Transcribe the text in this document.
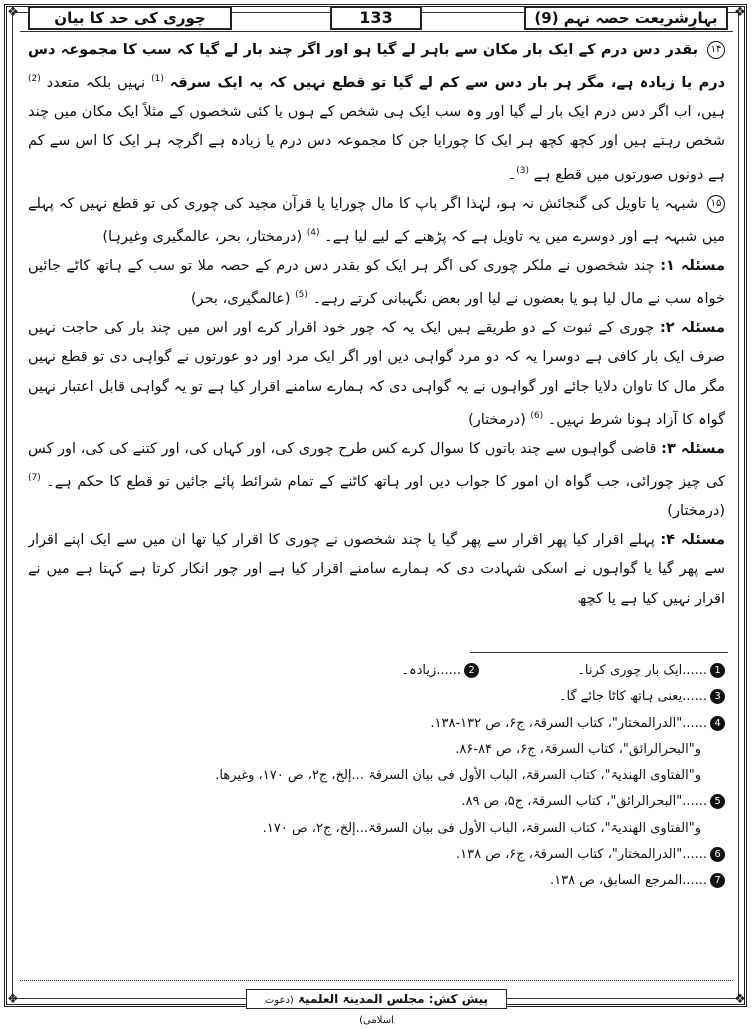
❖	❖
❖	❖
چوری کی حد کا بیان	133	بہارِشریعت حصہ نہم (9)

۱۴ بقدر دس درم کے ایک بار مکان سے باہر لے گیا ہو اور اگر چند بار لے گیا کہ سب کا مجموعہ دس درم یا زیادہ ہے، مگر ہر بار دس سے کم لے گیا تو قطع نہیں کہ یہ ایک سرقہ $^{(1)}$ نہیں بلکہ متعدد $^{(2)}$ ہیں، اب اگر دس درم ایک بار لے گیا اور وہ سب ایک ہی شخص کے ہوں یا کئی شخصوں کے مثلاً ایک مکان میں چند شخص رہتے ہیں اور کچھ کچھ ہر ایک کا چورایا جن کا مجموعہ دس درم یا زیادہ ہے اگرچہ ہر ایک کا اس سے کم ہے دونوں صورتوں میں قطع ہے $^{(3)}$۔

۱۵ شبہہ یا تاویل کی گنجائش نہ ہو، لہٰذا اگر باپ کا مال چورایا یا قرآن مجید کی چوری کی تو قطع نہیں کہ پہلے میں شبہہ ہے اور دوسرے میں یہ تاویل ہے کہ پڑھنے کے لیے لیا ہے۔ $^{(4)}$ (درمختار، بحر، عالمگیری وغیرہا)

مسئلہ ۱: چند شخصوں نے ملکر چوری کی اگر ہر ایک کو بقدر دس درم کے حصہ ملا تو سب کے ہاتھ کاٹے جائیں خواہ سب نے مال لیا ہو یا بعضوں نے لیا اور بعض نگہبانی کرتے رہے۔ $^{(5)}$ (عالمگیری، بحر)

مسئلہ ۲: چوری کے ثبوت کے دو طریقے ہیں ایک یہ کہ چور خود اقرار کرے اور اس میں چند بار کی حاجت نہیں صرف ایک بار کافی ہے دوسرا یہ کہ دو مرد گواہی دیں اور اگر ایک مرد اور دو عورتوں نے گواہی دی تو قطع نہیں مگر مال کا تاوان دلایا جائے اور گواہوں نے یہ گواہی دی کہ ہمارے سامنے اقرار کیا ہے تو یہ گواہی قابل اعتبار نہیں گواہ کا آزاد ہونا شرط نہیں۔ $^{(6)}$ (درمختار)

مسئلہ ۳: قاضی گواہوں سے چند باتوں کا سوال کرے کس طرح چوری کی، اور کہاں کی، اور کتنے کی کی، اور کس کی چیز چورائی، جب گواہ ان امور کا جواب دیں اور ہاتھ کاٹنے کے تمام شرائط پائے جائیں تو قطع کا حکم ہے۔ $^{(7)}$ (درمختار)

مسئلہ ۴: پہلے اقرار کیا پھر اقرار سے پھر گیا یا چند شخصوں نے چوری کا اقرار کیا تھا ان میں سے ایک اپنے اقرار سے پھر گیا یا گواہوں نے اسکی شہادت دی کہ ہمارے سامنے اقرار کیا ہے اور چور انکار کرتا ہے کہتا ہے میں نے اقرار نہیں کیا ہے یا کچھ

1......ایک بار چوری کرنا۔  2......زیادہ۔
3......یعنی ہاتھ کاٹا جائے گا۔
4......"الدرالمختار"، کتاب السرقۃ، ج۶، ص ۱۳۲-۱۳۸.
و"البحرالرائق"، کتاب السرقۃ، ج۶، ص ۸۴-۸۶.
و"الفتاوی الھندیۃ"، کتاب السرقۃ، الباب الأول فی بیان السرقۃ ...إلخ، ج۲، ص ۱۷۰، وغیرھا.
5......"البحرالرائق"، کتاب السرقۃ، ج۵، ص ۸۹.
و"الفتاوی الھندیۃ"، کتاب السرقۃ، الباب الأول فی بیان السرقۃ...إلخ، ج۲، ص ۱۷۰.
6......"الدرالمختار"، کتاب السرقۃ، ج۶، ص ۱۳۸.
7......المرجع السابق، ص ۱۳۸.
پیش کش: مجلس المدینۃ العلمیۃ (دعوت اسلامی)
